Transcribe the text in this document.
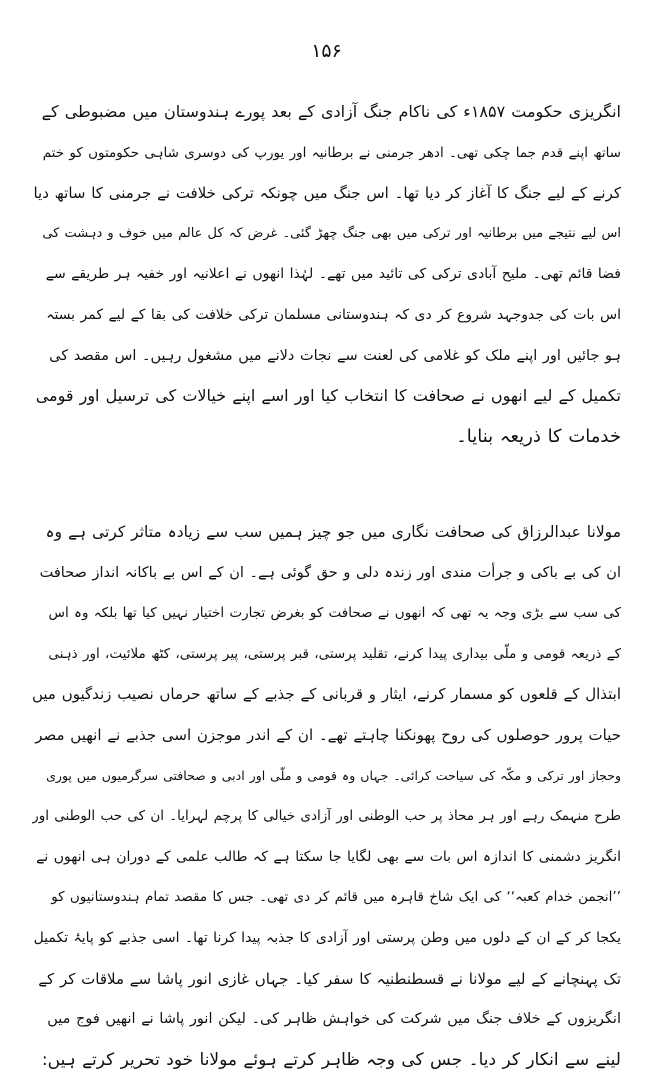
۱۵۶
انگریزی حکومت ۱۸۵۷ء کی ناکام جنگ آزادی کے بعد پورے ہندوستان میں مضبوطی کے
ساتھ اپنے قدم جما چکی تھی۔ ادھر جرمنی نے برطانیہ اور یورپ کی دوسری شاہی حکومتوں کو ختم
کرنے کے لیے جنگ کا آغاز کر دیا تھا۔ اس جنگ میں چونکہ ترکی خلافت نے جرمنی کا ساتھ دیا
اس لیے نتیجے میں برطانیہ اور ترکی میں بھی جنگ چھڑ گئی۔ غرض کہ کل عالم میں خوف و دہشت کی
فضا قائم تھی۔ ملیح آبادی ترکی کی تائید میں تھے۔ لہٰذا انھوں نے اعلانیہ اور خفیہ ہر طریقے سے
اس بات کی جدوجہد شروع کر دی کہ ہندوستانی مسلمان ترکی خلافت کی بقا کے لیے کمر بستہ
ہو جائیں اور اپنے ملک کو غلامی کی لعنت سے نجات دلانے میں مشغول رہیں۔ اس مقصد کی
تکمیل کے لیے انھوں نے صحافت کا انتخاب کیا اور اسے اپنے خیالات کی ترسیل اور قومی
خدمات کا ذریعہ بنایا۔
مولانا عبدالرزاق کی صحافت نگاری میں جو چیز ہمیں سب سے زیادہ متاثر کرتی ہے وہ
ان کی بے باکی و جرأت مندی اور زندہ دلی و حق گوئی ہے۔ ان کے اس بے باکانہ انداز صحافت
کی سب سے بڑی وجہ یہ تھی کہ انھوں نے صحافت کو بغرض تجارت اختیار نہیں کیا تھا بلکہ وہ اس
کے ذریعہ قومی و ملّی بیداری پیدا کرنے، تقلید پرستی، قبر پرستی، پیر پرستی، کٹھ ملائیت، اور ذہنی
ابتذال کے قلعوں کو مسمار کرنے، ایثار و قربانی کے جذبے کے ساتھ حرماں نصیب زندگیوں میں
حیات پرور حوصلوں کی روح پھونکنا چاہتے تھے۔ ان کے اندر موجزن اسی جذبے نے انھیں مصر
وحجاز اور ترکی و مکّہ کی سیاحت کرائی۔ جہاں وہ قومی و ملّی اور ادبی و صحافتی سرگرمیوں میں پوری
طرح منہمک رہے اور ہر محاذ پر حب الوطنی اور آزادی خیالی کا پرچم لہرایا۔ ان کی حب الوطنی اور
انگریز دشمنی کا اندازہ اس بات سے بھی لگایا جا سکتا ہے کہ طالب علمی کے دوران ہی انھوں نے
’’انجمن خدام کعبہ‘‘ کی ایک شاخ قاہرہ میں قائم کر دی تھی۔ جس کا مقصد تمام ہندوستانیوں کو
یکجا کر کے ان کے دلوں میں وطن پرستی اور آزادی کا جذبہ پیدا کرنا تھا۔ اسی جذبے کو پایۂ تکمیل
تک پہنچانے کے لیے مولانا نے قسطنطنیہ کا سفر کیا۔ جہاں غازی انور پاشا سے ملاقات کر کے
انگریزوں کے خلاف جنگ میں شرکت کی خواہش ظاہر کی۔ لیکن انور پاشا نے انھیں فوج میں
لینے سے انکار کر دیا۔ جس کی وجہ ظاہر کرتے ہوئے مولانا خود تحریر کرتے ہیں:
